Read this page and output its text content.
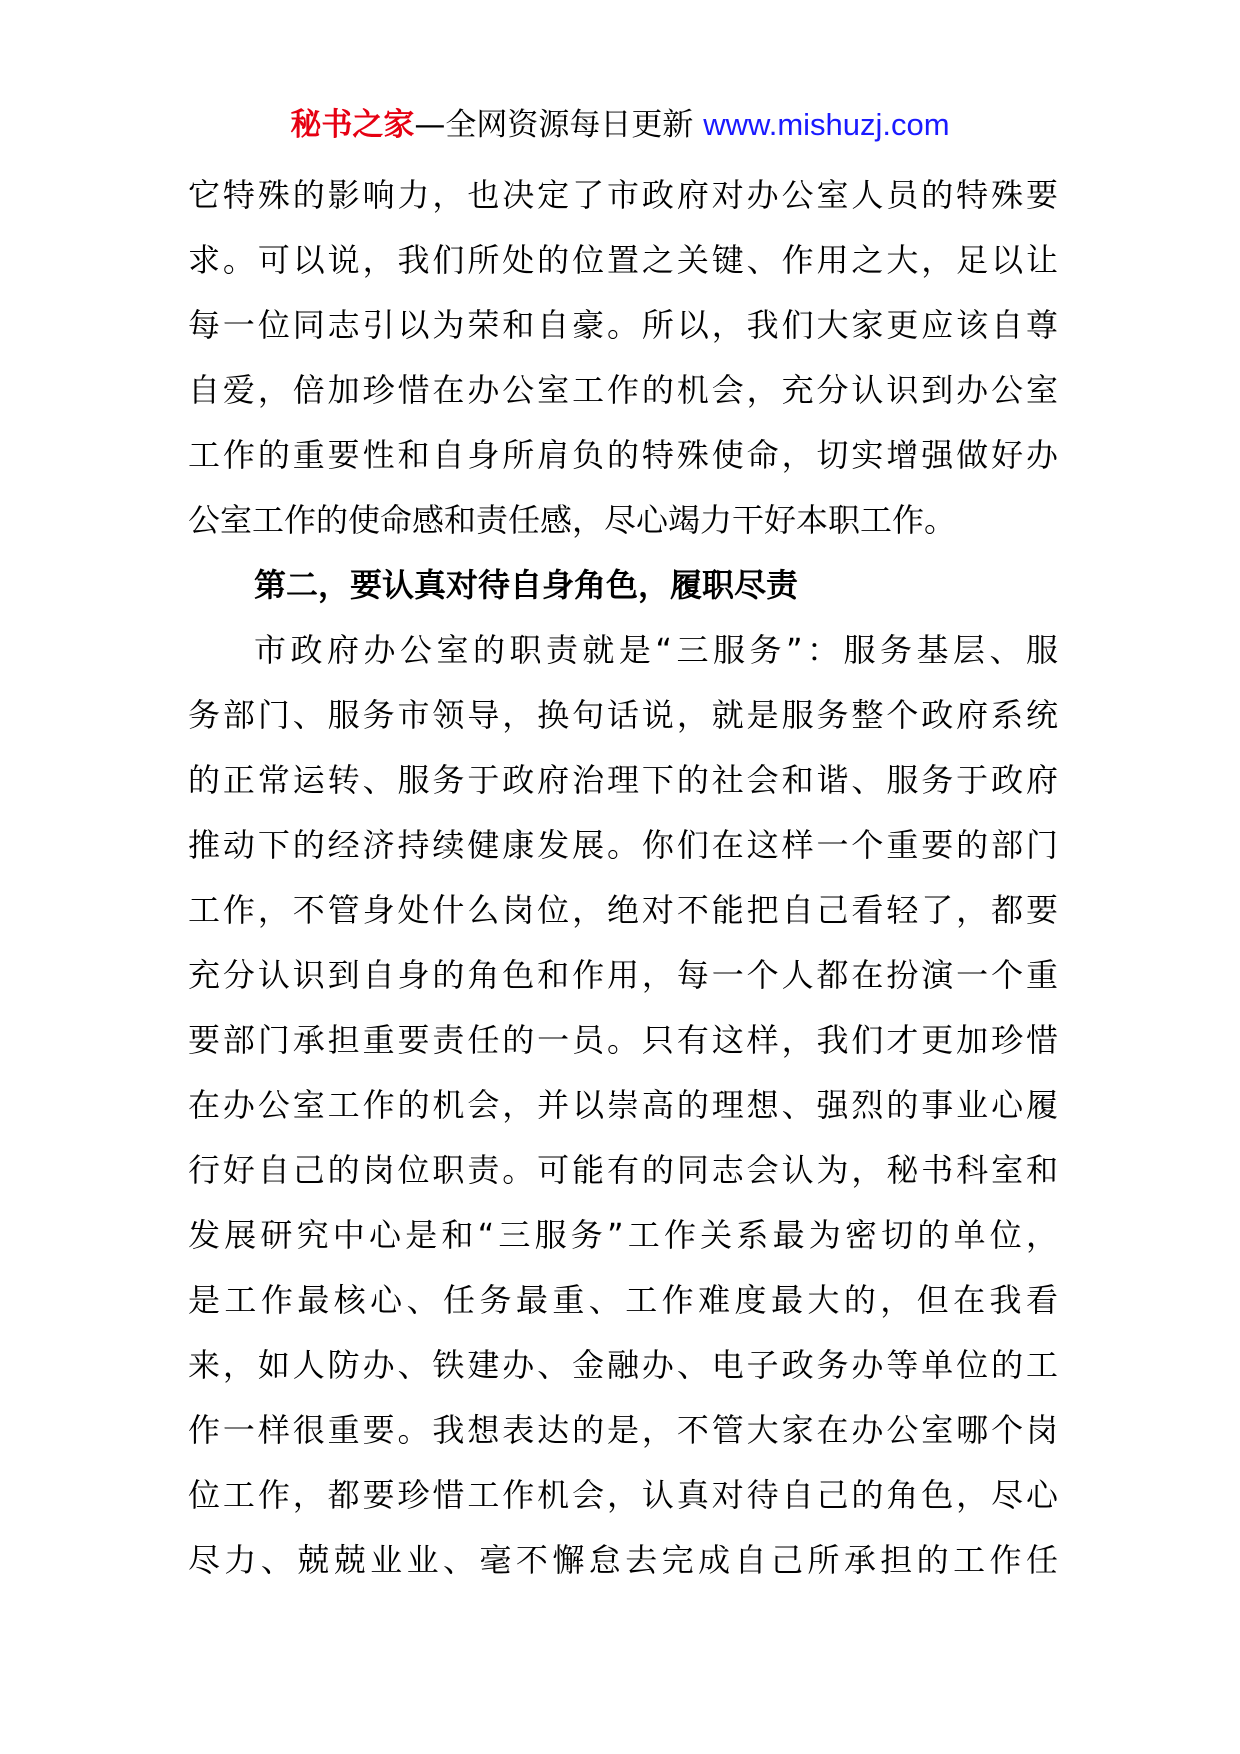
秘书之家—全网资源每日更新 www.mishuzj.com
它特殊的影响力，也决定了市政府对办公室人员的特殊要
求。可以说，我们所处的位置之关键、作用之大，足以让
每一位同志引以为荣和自豪。所以，我们大家更应该自尊
自爱，倍加珍惜在办公室工作的机会，充分认识到办公室
工作的重要性和自身所肩负的特殊使命，切实增强做好办
公室工作的使命感和责任感，尽心竭力干好本职工作。
第二，要认真对待自身角色，履职尽责
市政府办公室的职责就是“三服务”：服务基层、服
务部门、服务市领导，换句话说，就是服务整个政府系统
的正常运转、服务于政府治理下的社会和谐、服务于政府
推动下的经济持续健康发展。你们在这样一个重要的部门
工作，不管身处什么岗位，绝对不能把自己看轻了，都要
充分认识到自身的角色和作用，每一个人都在扮演一个重
要部门承担重要责任的一员。只有这样，我们才更加珍惜
在办公室工作的机会，并以崇高的理想、强烈的事业心履
行好自己的岗位职责。可能有的同志会认为，秘书科室和
发展研究中心是和“三服务”工作关系最为密切的单位，
是工作最核心、任务最重、工作难度最大的，但在我看
来，如人防办、铁建办、金融办、电子政务办等单位的工
作一样很重要。我想表达的是，不管大家在办公室哪个岗
位工作，都要珍惜工作机会，认真对待自己的角色，尽心
尽力、兢兢业业、毫不懈怠去完成自己所承担的工作任
